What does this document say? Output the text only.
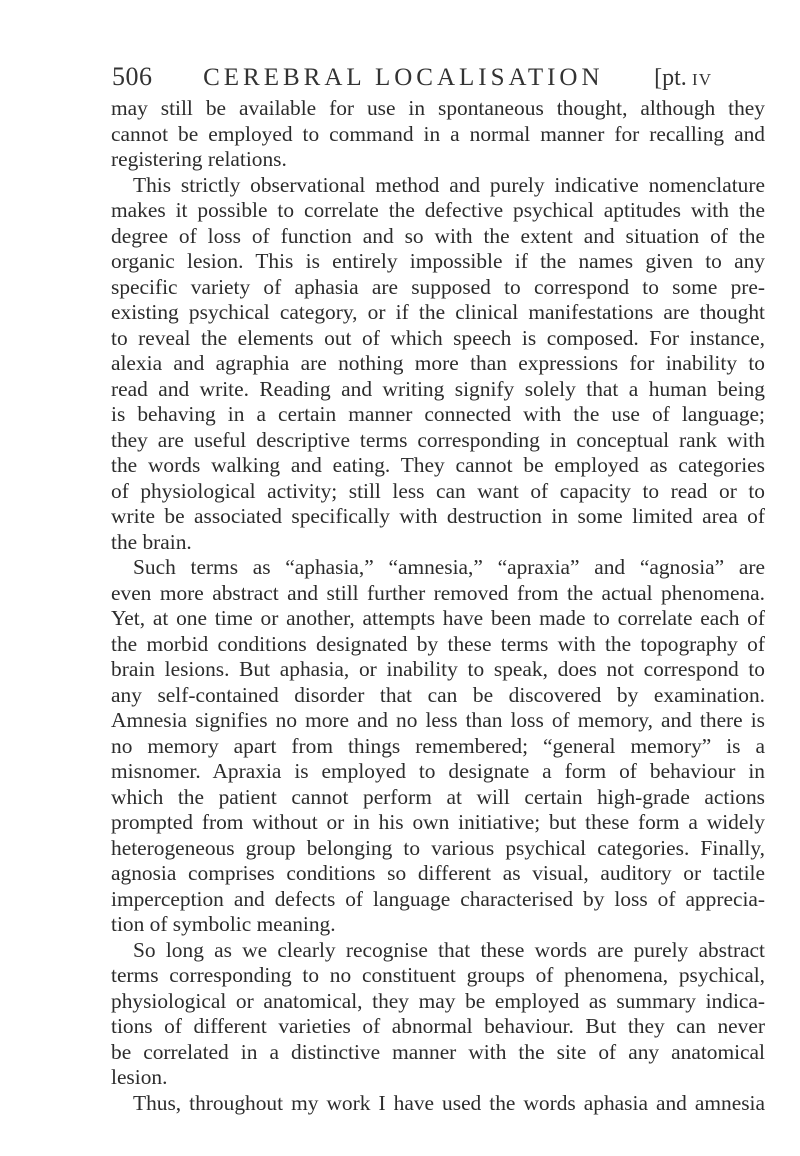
506 CEREBRAL LOCALISATION [pt. IV
may still be available for use in spontaneous thought, although they
cannot be employed to command in a normal manner for recalling and
registering relations.
This strictly observational method and purely indicative nomenclature
makes it possible to correlate the defective psychical aptitudes with the
degree of loss of function and so with the extent and situation of the
organic lesion. This is entirely impossible if the names given to any
specific variety of aphasia are supposed to correspond to some pre-
existing psychical category, or if the clinical manifestations are thought
to reveal the elements out of which speech is composed. For instance,
alexia and agraphia are nothing more than expressions for inability to
read and write. Reading and writing signify solely that a human being
is behaving in a certain manner connected with the use of language;
they are useful descriptive terms corresponding in conceptual rank with
the words walking and eating. They cannot be employed as categories
of physiological activity; still less can want of capacity to read or to
write be associated specifically with destruction in some limited area of
the brain.
Such terms as “aphasia,” “amnesia,” “apraxia” and “agnosia” are
even more abstract and still further removed from the actual phenomena.
Yet, at one time or another, attempts have been made to correlate each of
the morbid conditions designated by these terms with the topography of
brain lesions. But aphasia, or inability to speak, does not correspond to
any self-contained disorder that can be discovered by examination.
Amnesia signifies no more and no less than loss of memory, and there is
no memory apart from things remembered; “general memory” is a
misnomer. Apraxia is employed to designate a form of behaviour in
which the patient cannot perform at will certain high-grade actions
prompted from without or in his own initiative; but these form a widely
heterogeneous group belonging to various psychical categories. Finally,
agnosia comprises conditions so different as visual, auditory or tactile
imperception and defects of language characterised by loss of apprecia-
tion of symbolic meaning.
So long as we clearly recognise that these words are purely abstract
terms corresponding to no constituent groups of phenomena, psychical,
physiological or anatomical, they may be employed as summary indica-
tions of different varieties of abnormal behaviour. But they can never
be correlated in a distinctive manner with the site of any anatomical
lesion.
Thus, throughout my work I have used the words aphasia and amnesia
